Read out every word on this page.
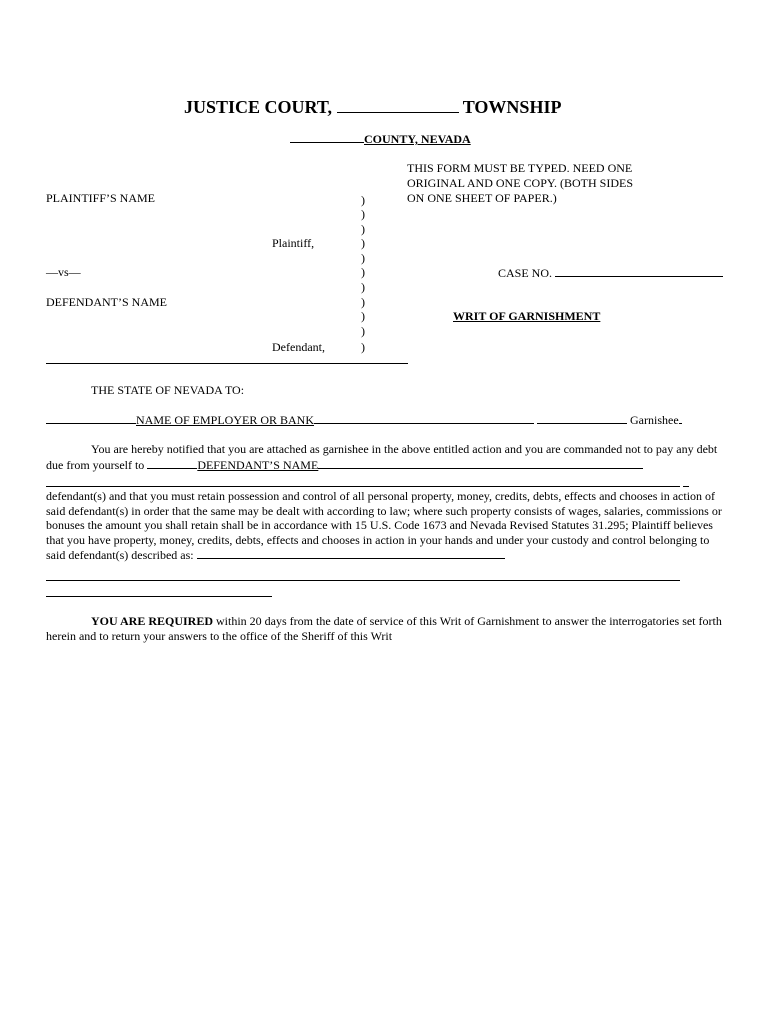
JUSTICE COURT,	TOWNSHIP
COUNTY, NEVADA
THIS FORM MUST BE TYPED. NEED ONE
ORIGINAL AND ONE COPY. (BOTH SIDES
ON ONE SHEET OF PAPER.)
PLAINTIFF’S NAME
Plaintiff,
—vs—
DEFENDANT’S NAME
Defendant,
)
)
)
)
)
)
)
)
)
)
)
CASE NO.
WRIT OF GARNISHMENT
THE STATE OF NEVADA TO:
NAME OF EMPLOYER OR BANK	Garnishee
You are hereby notified that you are attached as garnishee in the above entitled action and you are commanded not to pay any debt due from yourself to	DEFENDANT’S NAME
defendant(s) and that you must retain possession and control of all personal property, money, credits, debts, effects and chooses in action of said defendant(s) in order that the same may be dealt with according to law; where such property consists of wages, salaries, commissions or bonuses the amount you shall retain shall be in accordance with 15 U.S. Code 1673 and Nevada Revised Statutes 31.295; Plaintiff believes that you have property, money, credits, debts, effects and chooses in action in your hands and under your custody and control belonging to said defendant(s) described as:
YOU ARE REQUIRED within 20 days from the date of service of this Writ of Garnishment to answer the interrogatories set forth herein and to return your answers to the office of the Sheriff of this Writ
